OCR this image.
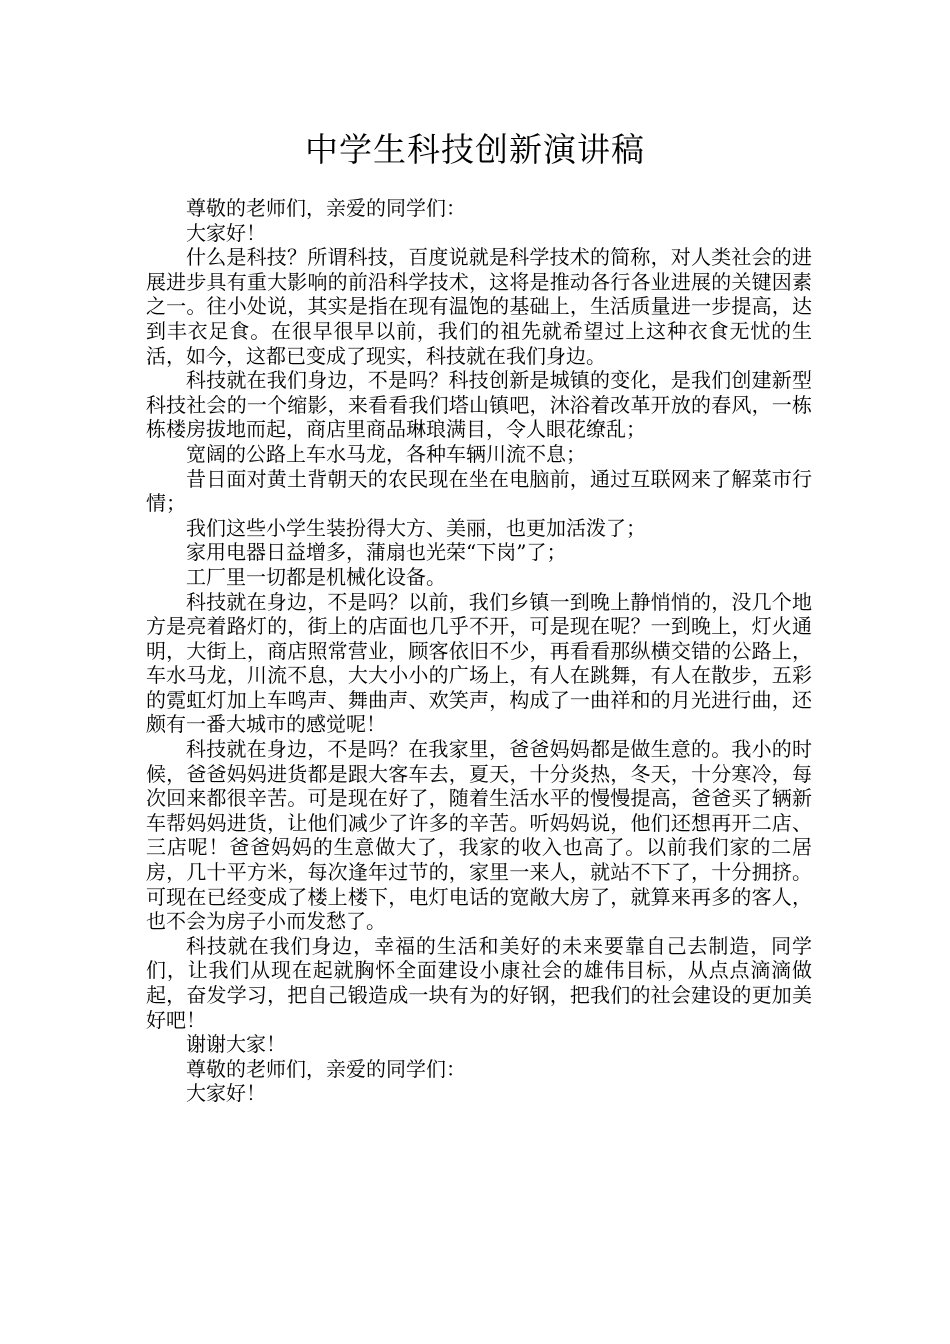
中学生科技创新演讲稿

尊敬的老师们，亲爱的同学们：

大家好！

什么是科技？所谓科技，百度说就是科学技术的简称，对人类社会的进展进步具有重大影响的前沿科学技术，这将是推动各行各业进展的关键因素之一。往小处说，其实是指在现有温饱的基础上，生活质量进一步提高，达到丰衣足食。在很早很早以前，我们的祖先就希望过上这种衣食无忧的生活，如今，这都已变成了现实，科技就在我们身边。

科技就在我们身边，不是吗？科技创新是城镇的变化，是我们创建新型科技社会的一个缩影，来看看我们塔山镇吧，沐浴着改革开放的春风，一栋栋楼房拔地而起，商店里商品琳琅满目，令人眼花缭乱；

宽阔的公路上车水马龙，各种车辆川流不息；

昔日面对黄土背朝天的农民现在坐在电脑前，通过互联网来了解菜市行情；

我们这些小学生装扮得大方、美丽，也更加活泼了；

家用电器日益增多，蒲扇也光荣“下岗”了；

工厂里一切都是机械化设备。

科技就在身边，不是吗？以前，我们乡镇一到晚上静悄悄的，没几个地方是亮着路灯的，街上的店面也几乎不开，可是现在呢？一到晚上，灯火通明，大街上，商店照常营业，顾客依旧不少，再看看那纵横交错的公路上，车水马龙，川流不息，大大小小的广场上，有人在跳舞，有人在散步，五彩的霓虹灯加上车鸣声、舞曲声、欢笑声，构成了一曲祥和的月光进行曲，还颇有一番大城市的感觉呢！

科技就在身边，不是吗？在我家里，爸爸妈妈都是做生意的。我小的时候，爸爸妈妈进货都是跟大客车去，夏天，十分炎热，冬天，十分寒冷，每次回来都很辛苦。可是现在好了，随着生活水平的慢慢提高，爸爸买了辆新车帮妈妈进货，让他们减少了许多的辛苦。听妈妈说，他们还想再开二店、三店呢！爸爸妈妈的生意做大了，我家的收入也高了。以前我们家的二居房，几十平方米，每次逢年过节的，家里一来人，就站不下了，十分拥挤。可现在已经变成了楼上楼下，电灯电话的宽敞大房了，就算来再多的客人，也不会为房子小而发愁了。

科技就在我们身边，幸福的生活和美好的未来要靠自己去制造，同学们，让我们从现在起就胸怀全面建设小康社会的雄伟目标，从点点滴滴做起，奋发学习，把自己锻造成一块有为的好钢，把我们的社会建设的更加美好吧！

谢谢大家！

尊敬的老师们，亲爱的同学们：

大家好！
